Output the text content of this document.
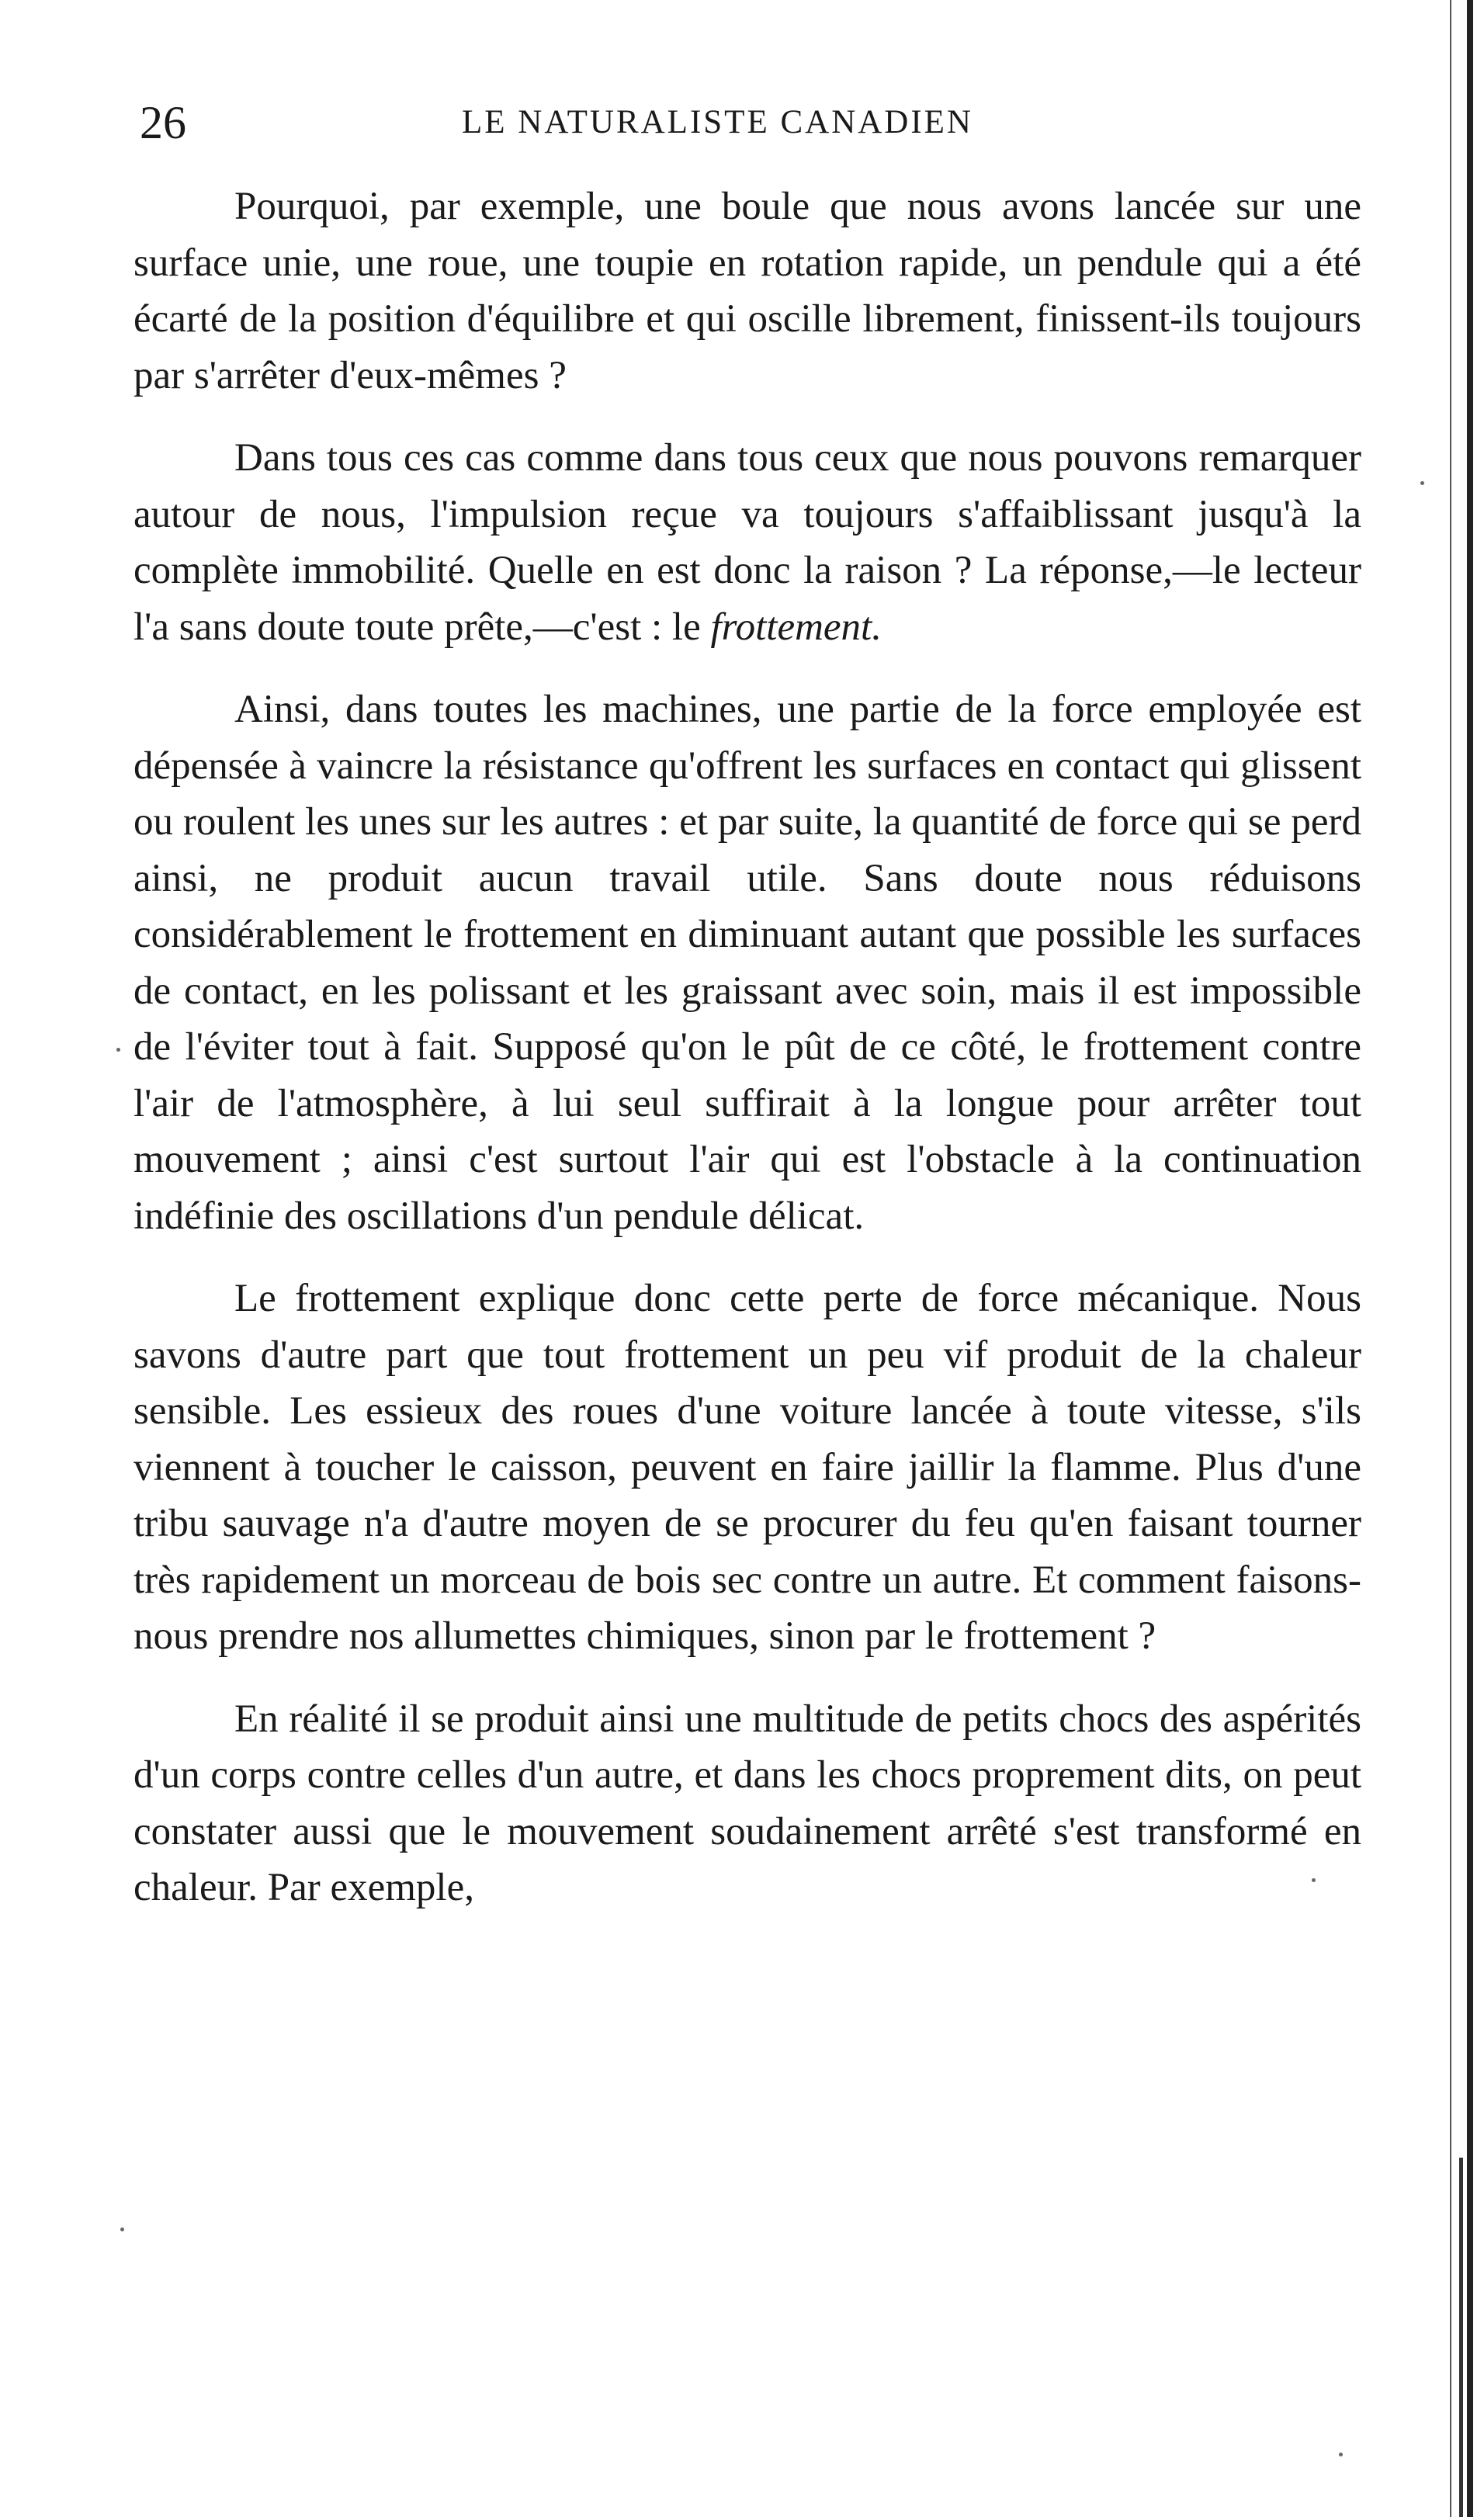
26	LE NATURALISTE CANADIEN

Pourquoi, par exemple, une boule que nous avons lancée sur une surface unie, une roue, une toupie en rotation rapide, un pendule qui a été écarté de la position d'équilibre et qui oscille librement, finissent-ils toujours par s'arrêter d'eux-mêmes ?

Dans tous ces cas comme dans tous ceux que nous pouvons remarquer autour de nous, l'impulsion reçue va toujours s'affaiblissant jusqu'à la complète immobilité. Quelle en est donc la raison ? La réponse,—le lecteur l'a sans doute toute prête,—c'est : le frottement.

Ainsi, dans toutes les machines, une partie de la force employée est dépensée à vaincre la résistance qu'offrent les surfaces en contact qui glissent ou roulent les unes sur les autres : et par suite, la quantité de force qui se perd ainsi, ne produit aucun travail utile. Sans doute nous réduisons considérablement le frottement en diminuant autant que possible les surfaces de contact, en les polissant et les graissant avec soin, mais il est impossible de l'éviter tout à fait. Supposé qu'on le pût de ce côté, le frottement contre l'air de l'atmosphère, à lui seul suffirait à la longue pour arrêter tout mouvement ; ainsi c'est surtout l'air qui est l'obstacle à la continuation indéfinie des oscillations d'un pendule délicat.

Le frottement explique donc cette perte de force mécanique. Nous savons d'autre part que tout frottement un peu vif produit de la chaleur sensible. Les essieux des roues d'une voiture lancée à toute vitesse, s'ils viennent à toucher le caisson, peuvent en faire jaillir la flamme. Plus d'une tribu sauvage n'a d'autre moyen de se procurer du feu qu'en faisant tourner très rapidement un morceau de bois sec contre un autre. Et comment faisons-nous prendre nos allumettes chimiques, sinon par le frottement ?

En réalité il se produit ainsi une multitude de petits chocs des aspérités d'un corps contre celles d'un autre, et dans les chocs proprement dits, on peut constater aussi que le mouvement soudainement arrêté s'est transformé en chaleur. Par exemple,
